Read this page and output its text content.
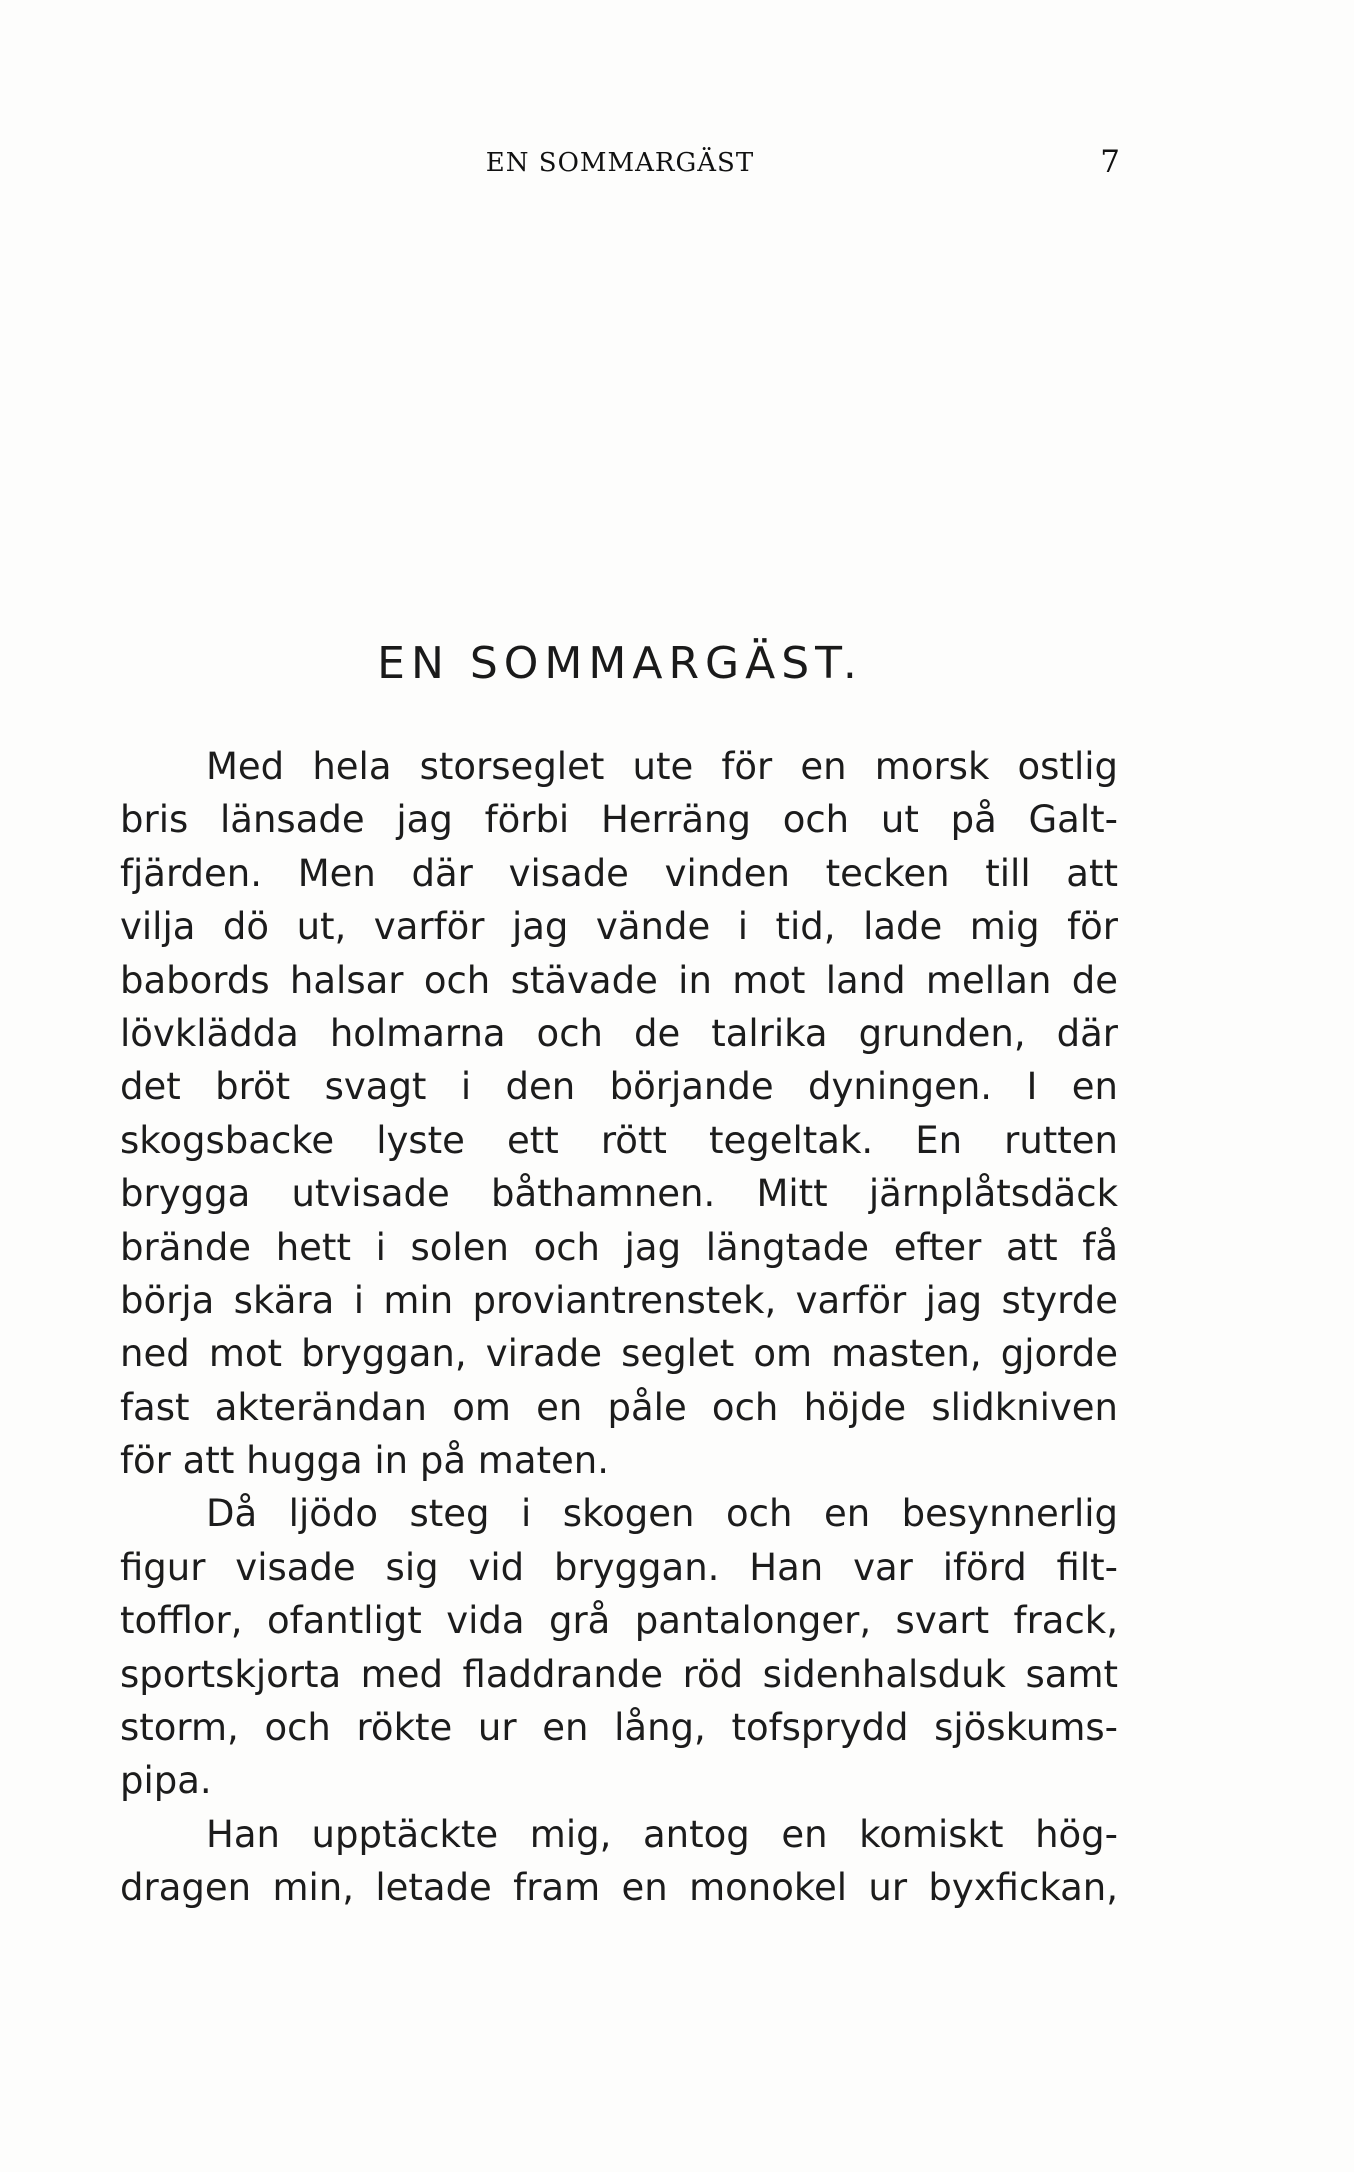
EN SOMMARGÄST	7
EN SOMMARGÄST.
Med hela storseglet ute för en morsk ostlig
bris länsade jag förbi Herräng och ut på Galt-
fjärden. Men där visade vinden tecken till att
vilja dö ut, varför jag vände i tid, lade mig för
babords halsar och stävade in mot land mellan de
lövklädda holmarna och de talrika grunden, där
det bröt svagt i den börjande dyningen. I en
skogsbacke lyste ett rött tegeltak. En rutten
brygga utvisade båthamnen. Mitt järnplåtsdäck
brände hett i solen och jag längtade efter att få
börja skära i min proviantrenstek, varför jag styrde
ned mot bryggan, virade seglet om masten, gjorde
fast akterändan om en påle och höjde slidkniven
för att hugga in på maten.
Då ljödo steg i skogen och en besynnerlig
figur visade sig vid bryggan. Han var iförd filt-
tofflor, ofantligt vida grå pantalonger, svart frack,
sportskjorta med fladdrande röd sidenhalsduk samt
storm, och rökte ur en lång, tofsprydd sjöskums-
pipa.
Han upptäckte mig, antog en komiskt hög-
dragen min, letade fram en monokel ur byxfickan,
